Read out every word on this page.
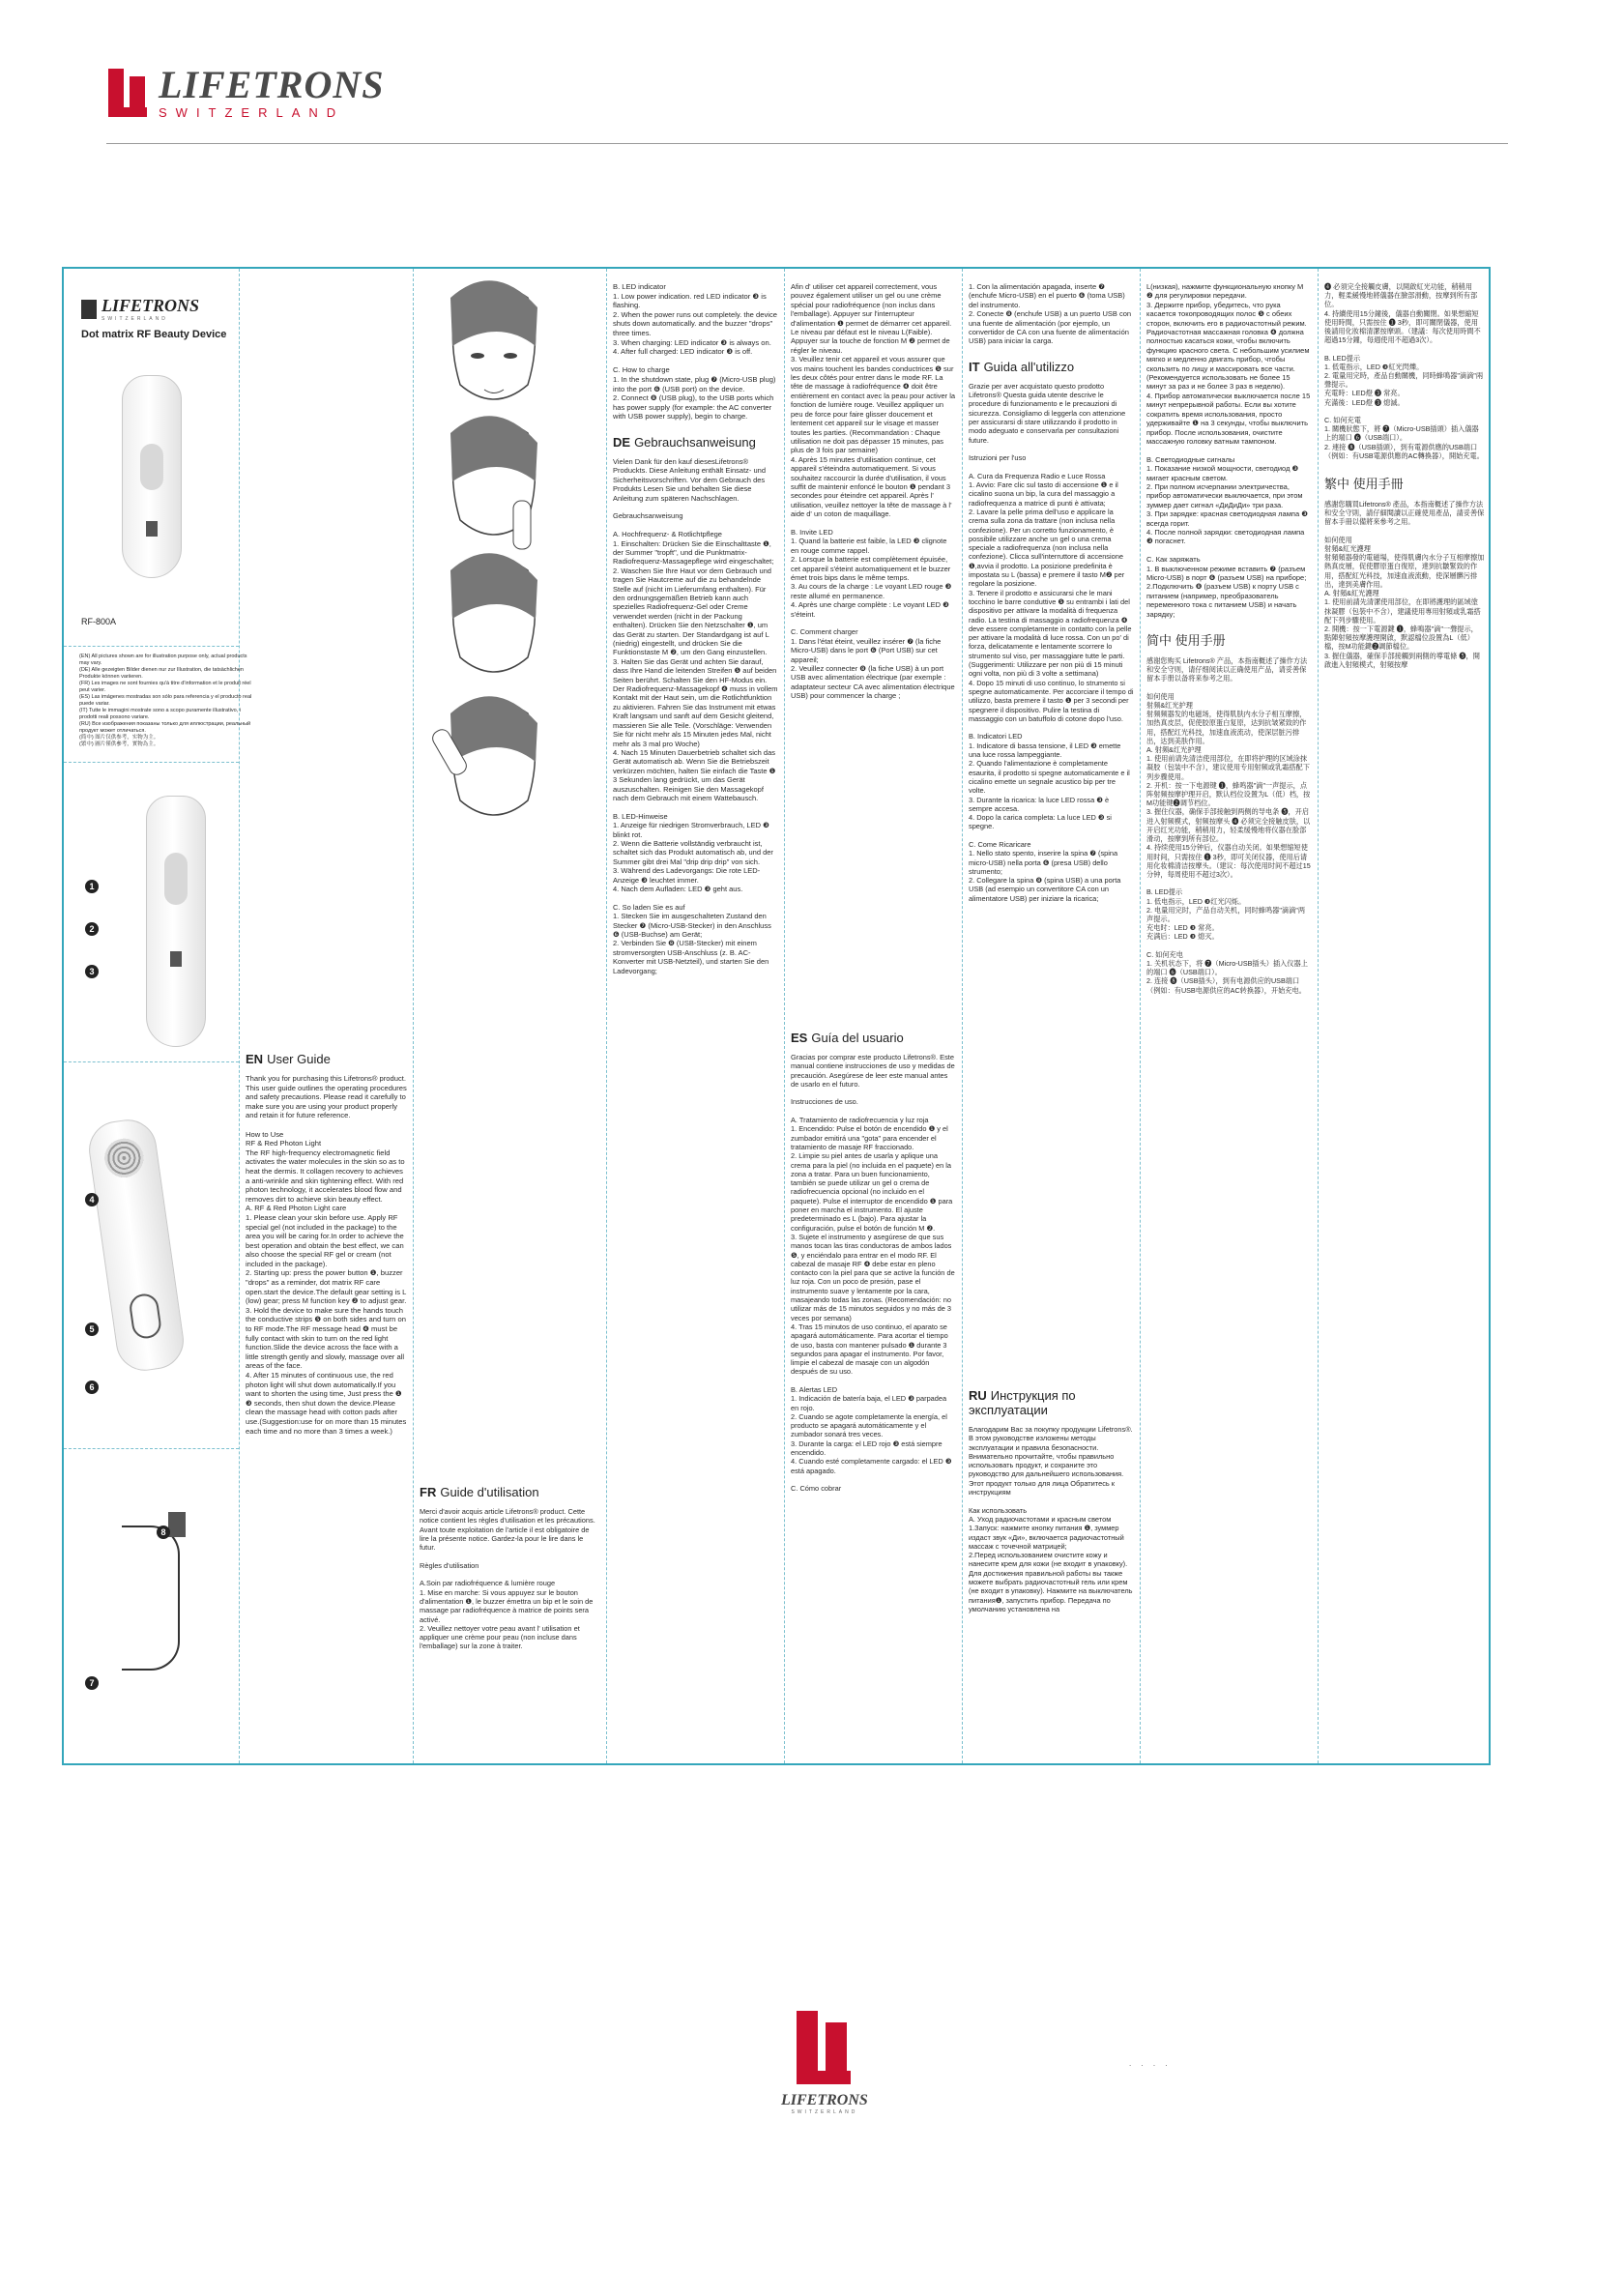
LIFETRONS
SWITZERLAND
LIFETRONS
SWITZERLAND
Dot matrix RF Beauty Device
RF-800A
(EN) All pictures shown are for illustration purpose only, actual products may vary.
(DE) Alle gezeigten Bilder dienen nur zur Illustration, die tatsächlichen Produkte können variieren.
(FR) Les images ne sont fournies qu'à titre d'information et le produit réel peut varier.
(ES) Las imágenes mostradas son sólo para referencia y el producto real puede variar.
(IT) Tutte le immagini mostrate sono a scopo puramente illustrativo, i prodotti reali possono variare.
(RU) Все изображения показаны только для иллюстрации, реальный продукт может отличаться.
(简中) 图片仅供参考，实物为主。
(繁中) 圖片僅供參考，實物為主。
1
2
3
4
5
6
8
7
EN User Guide
Thank you for purchasing this Lifetrons® product. This user guide outlines the operating procedures and safety precautions. Please read it carefully to make sure you are using your product properly and retain it for future reference.

How to Use
RF & Red Photon Light
The RF high-frequency electromagnetic field activates the water molecules in the skin so as to heat the dermis. It collagen recovery to achieves a anti-wrinkle and skin tightening effect. With red photon technology, it accelerates blood flow and removes dirt to achieve skin beauty effect.
A. RF & Red Photon Light care
1. Please clean your skin before use. Apply RF special gel (not included in the package) to the area you will be caring for.In order to achieve the best operation and obtain the best effect, we can also choose the special RF gel or cream (not included in the package).
2. Starting up: press the power button ❶, buzzer "drops" as a reminder, dot matrix RF care open.start the device.The default gear setting is L (low) gear; press M function key ❷ to adjust gear.
3. Hold the device to make sure the hands touch the conductive strips ❺ on both sides and turn on to RF mode.The RF message head ❹ must be fully contact with skin to turn on the red light function.Slide the device across the face with a little strength gently and slowly, massage over all areas of the face.
4. After 15 minutes of continuous use, the red photon light will shut down automatically.If you want to shorten the using time, Just press the ❶ ❸ seconds, then shut down the device.Please clean the massage head with cotton pads after use.(Suggestion:use for on more than 15 minutes each time and no more than 3 times a week.)
FR Guide d'utilisation
Merci d'avoir acquis article Lifetrons® product. Cette notice contient les règles d'utilisation et les précautions. Avant toute exploitation de l'article il est obligatoire de lire la présente notice. Gardez-la pour le lire dans le futur.

Règles d'utilisation

A.Soin par radiofréquence & lumière rouge
1. Mise en marche: Si vous appuyez sur le bouton d'alimentation ❶, le buzzer émettra un bip et le soin de massage par radiofréquence à matrice de points sera activé.
2. Veuillez nettoyer votre peau avant l' utilisation et appliquer une crème pour peau (non incluse dans l'emballage) sur la zone à traiter.
B. LED indicator
1. Low power indication. red LED indicator ❸ is flashing.
2. When the power runs out completely. the device shuts down automatically. and the buzzer "drops" three times.
3. When charging: LED indicator ❸ is always on.
4. After full charged: LED indicator ❸ is off.

C. How to charge
1. In the shutdown state, plug ❼ (Micro-USB plug) into the port ❻ (USB port) on the device.
2. Connect ❽ (USB plug), to the USB ports which has power supply (for example: the AC converter with USB power supply), begin to charge.
DE Gebrauchsanweisung
Vielen Dank für den kauf diesesLifetrons® Produckts. Diese Anleitung enthält Einsatz- und Sicherheitsvorschriften. Vor dem Gebrauch des Produkts Lesen Sie und behalten Sie diese Anleitung zum späteren Nachschlagen.

Gebrauchsanweisung

A. Hochfrequenz- & Rotlichtpflege
1. Einschalten: Drücken Sie die Einschalttaste ❶, der Summer "tropft", und die Punktmatrix-Radiofrequenz-Massagepflege wird eingeschaltet;
2. Waschen Sie Ihre Haut vor dem Gebrauch und tragen Sie Hautcreme auf die zu behandelnde Stelle auf (nicht im Lieferumfang enthalten). Für den ordnungsgemäßen Betrieb kann auch spezielles Radiofrequenz-Gel oder Creme verwendet werden (nicht in der Packung enthalten). Drücken Sie den Netzschalter ❶, um das Gerät zu starten. Der Standardgang ist auf L (niedrig) eingestellt, und drücken Sie die Funktionstaste M ❷, um den Gang einzustellen.
3. Halten Sie das Gerät und achten Sie darauf, dass Ihre Hand die leitenden Streifen ❺ auf beiden Seiten berührt. Schalten Sie den HF-Modus ein. Der Radiofrequenz-Massagekopf ❹ muss in vollem Kontakt mit der Haut sein, um die Rotlichtfunktion zu aktivieren. Fahren Sie das Instrument mit etwas Kraft langsam und sanft auf dem Gesicht gleitend, massieren Sie alle Teile. (Vorschläge: Verwenden Sie für nicht mehr als 15 Minuten jedes Mal, nicht mehr als 3 mal pro Woche)
4. Nach 15 Minuten Dauerbetrieb schaltet sich das Gerät automatisch ab. Wenn Sie die Betriebszeit verkürzen möchten, halten Sie einfach die Taste ❶ 3 Sekunden lang gedrückt, um das Gerät auszuschalten. Reinigen Sie den Massagekopf nach dem Gebrauch mit einem Wattebausch.

B. LED-Hinweise
1. Anzeige für niedrigen Stromverbrauch, LED ❸ blinkt rot.
2. Wenn die Batterie vollständig verbraucht ist, schaltet sich das Produkt automatisch ab, und der Summer gibt drei Mal "drip drip drip" von sich.
3. Während des Ladevorgangs: Die rote LED-Anzeige ❸ leuchtet immer.
4. Nach dem Aufladen: LED ❸ geht aus.

C. So laden Sie es auf
1. Stecken Sie im ausgeschalteten Zustand den Stecker ❼ (Micro-USB-Stecker) in den Anschluss ❻ (USB-Buchse) am Gerät;
2. Verbinden Sie ❽ (USB-Stecker) mit einem stromversorgten USB-Anschluss (z. B. AC-Konverter mit USB-Netzteil), und starten Sie den Ladevorgang;
Afin d' utiliser cet appareil correctement, vous pouvez également utiliser un gel ou une crème spécial pour radiofréquence (non inclus dans l'emballage). Appuyer sur l'interrupteur d'alimentation ❶ permet de démarrer cet appareil. Le niveau par défaut est le niveau L(Faible). Appuyer sur la touche de fonction M ❷ permet de régler le niveau.
3. Veuillez tenir cet appareil et vous assurer que vos mains touchent les bandes conductrices ❺ sur les deux côtés pour entrer dans le mode RF. La tête de massage à radiofréquence ❹ doit être entièrement en contact avec la peau pour activer la fonction de lumière rouge. Veuillez appliquer un peu de force pour faire glisser doucement et lentement cet appareil sur le visage et masser toutes les parties. (Recommandation : Chaque utilisation ne doit pas dépasser 15 minutes, pas plus de 3 fois par semaine)
4. Après 15 minutes d'utilisation continue, cet appareil s'éteindra automatiquement. Si vous souhaitez raccourcir la durée d'utilisation, il vous suffit de maintenir enfoncé le bouton ❶ pendant 3 secondes pour éteindre cet appareil. Après l' utilisation, veuillez nettoyer la tête de massage à l' aide d' un coton de maquillage.

B. Invite LED
1. Quand la batterie est faible, la LED ❸ clignote en rouge comme rappel.
2. Lorsque la batterie est complètement épuisée, cet appareil s'éteint automatiquement et le buzzer émet trois bips dans le même temps.
3. Au cours de la charge : Le voyant LED rouge ❸ reste allumé en permanence.
4. Après une charge complète : Le voyant LED ❸ s'éteint.

C. Comment charger
1. Dans l'état éteint, veuillez insérer ❼ (la fiche Micro-USB) dans le port ❻ (Port USB) sur cet appareil;
2. Veuillez connecter ❽ (la fiche USB) à un port USB avec alimentation électrique (par exemple : adaptateur secteur CA avec alimentation électrique USB) pour commencer la charge ;
ES Guía del usuario
Gracias por comprar este producto Lifetrons®. Este manual contiene instrucciones de uso y medidas de precaución. Asegúrese de leer este manual antes de usarlo en el futuro.

Instrucciones de uso.

A. Tratamiento de radiofrecuencia y luz roja
1. Encendido: Pulse el botón de encendido ❶ y el zumbador emitirá una "gota" para encender el tratamiento de masaje RF fraccionado.
2. Limpie su piel antes de usarla y aplique una crema para la piel (no incluida en el paquete) en la zona a tratar. Para un buen funcionamiento, también se puede utilizar un gel o crema de radiofrecuencia opcional (no incluido en el paquete). Pulse el interruptor de encendido ❶ para poner en marcha el instrumento. El ajuste predeterminado es L (bajo). Para ajustar la configuración, pulse el botón de función M ❷.
3. Sujete el instrumento y asegúrese de que sus manos tocan las tiras conductoras de ambos lados ❺, y enciéndalo para entrar en el modo RF. El cabezal de masaje RF ❹ debe estar en pleno contacto con la piel para que se active la función de luz roja. Con un poco de presión, pase el instrumento suave y lentamente por la cara, masajeando todas las zonas. (Recomendación: no utilizar más de 15 minutos seguidos y no más de 3 veces por semana)
4. Tras 15 minutos de uso continuo, el aparato se apagará automáticamente. Para acortar el tiempo de uso, basta con mantener pulsado ❶ durante 3 segundos para apagar el instrumento. Por favor, limpie el cabezal de masaje con un algodón después de su uso.

B. Alertas LED
1. Indicación de batería baja, el LED ❸ parpadea en rojo.
2. Cuando se agote completamente la energía, el producto se apagará automáticamente y el zumbador sonará tres veces.
3. Durante la carga: el LED rojo ❸ está siempre encendido.
4. Cuando esté completamente cargado: el LED ❸ está apagado.

C. Cómo cobrar
1. Con la alimentación apagada, inserte ❼ (enchufe Micro-USB) en el puerto ❻ (toma USB) del instrumento.
2. Conecte ❽ (enchufe USB) a un puerto USB con una fuente de alimentación (por ejemplo, un convertidor de CA con una fuente de alimentación USB) para iniciar la carga.
IT Guida all'utilizzo
Grazie per aver acquistato questo prodotto Lifetrons® Questa guida utente descrive le procedure di funzionamento e le precauzioni di sicurezza. Consigliamo di leggerla con attenzione per assicurarsi di stare utilizzando il prodotto in modo adeguato e conservarla per consultazioni future.

Istruzioni per l'uso

A. Cura da Frequenza Radio e Luce Rossa
1. Avvio: Fare clic sul tasto di accensione ❶ e il cicalino suona un bip, la cura del massaggio a radiofrequenza a matrice di punti è attivata;
2. Lavare la pelle prima dell'uso e applicare la crema sulla zona da trattare (non inclusa nella confezione). Per un corretto funzionamento, è possibile utilizzare anche un gel o una crema speciale a radiofrequenza (non inclusa nella confezione). Clicca sull'interruttore di accensione ❶,avvia il prodotto. La posizione predefinita è impostata su L (bassa) e premere il tasto M❷ per regolare la posizione.
3. Tenere il prodotto e assicurarsi che le mani tocchino le barre conduttive ❺ su entrambi i lati del dispositivo per attivare la modalità di frequenza radio. La testina di massaggio a radiofrequenza ❹ deve essere completamente in contatto con la pelle per attivare la modalità di luce rossa. Con un po' di forza, delicatamente e lentamente scorrere lo strumento sul viso, per massaggiare tutte le parti. (Suggerimenti: Utilizzare per non più di 15 minuti ogni volta, non più di 3 volte a settimana)
4. Dopo 15 minuti di uso continuo, lo strumento si spegne automaticamente. Per accorciare il tempo di utilizzo, basta premere il tasto ❶ per 3 secondi per spegnere il dispositivo. Pulire la testina di massaggio con un batuffolo di cotone dopo l'uso.

B. Indicatori LED
1. Indicatore di bassa tensione, il LED ❸ emette una luce rossa lampeggiante.
2. Quando l'alimentazione è completamente esaurita, il prodotto si spegne automaticamente e il cicalino emette un segnale acustico bip per tre volte.
3. Durante la ricarica: la luce LED rossa ❸ è sempre accesa.
4. Dopo la carica completa: La luce LED ❸ si spegne.

C. Come Ricaricare
1. Nello stato spento, inserire la spina ❼ (spina micro-USB) nella porta ❻ (presa USB) dello strumento;
2. Collegare la spina ❽ (spina USB) a una porta USB (ad esempio un convertitore CA con un alimentatore USB) per iniziare la ricarica;
RU Инструкция по эксплуатации
Благодарим Вас за покупку продукции Lifetrons®. В этом руководстве изложены методы эксплуатации и правила безопасности. Внимательно прочитайте, чтобы правильно использовать продукт, и сохраните это руководство для дальнейшего использования. Этот продукт только для лица Обратитесь к инструкциям

Как использовать
A. Уход радиочастотами и красным светом
1.Запуск: нажмите кнопку питания ❶, зуммер издаст звук «Ди», включается радиочастотный массаж с точечной матрицей;
2.Перед использованием очистите кожу и нанесите крем для кожи (не входит в упаковку). Для достижения правильной работы вы также можете выбрать радиочастотный гель или крем (не входит в упаковку). Нажмите на выключатель питания❶, запустить прибор. Передача по умолчанию установлена на
L(низкая), нажмите функциональную кнопку M ❷ для регулировки передачи.
3. Держите прибор, убедитесь, что рука касается токопроводящих полос ❺ с обеих сторон, включить его в радиочастотный режим. Радиочастотная массажная головка ❹ должна полностью касаться кожи, чтобы включить функцию красного света. С небольшим усилием мягко и медленно двигать прибор, чтобы скользить по лицу и массировать все части. (Рекомендуется использовать не более 15 минут за раз и не более 3 раз в неделю).
4. Прибор автоматически выключается после 15 минут непрерывной работы. Если вы хотите сократить время использования, просто удерживайте ❶ на 3 секунды, чтобы выключить прибор. После использования, очистите массажную головку ватным тампоном.

B. Светодиодные сигналы
1. Показание низкой мощности, светодиод ❸ мигает красным светом.
2. При полном исчерпании электричества, прибор автоматически выключается, при этом зуммер дает сигнал «ДиДиДи» три раза.
3. При зарядке: красная светодиодная лампа ❸ всегда горит.
4. После полной зарядки: светодиодная лампа ❸ погаснет.

C. Как заряжать
1. В выключенном режиме вставить ❼ (разъем Micro-USB) в порт ❻ (разъем USB) на приборе;
2.Подключить ❽ (разъем USB) к порту USB с питанием (например, преобразователь переменного тока с питанием USB) и начать зарядку;
简中 使用手册
感谢您购买 Lifetrons® 产品，本指南概述了操作方法和安全守则，请仔细阅读以正确使用产品，请妥善保留本手册以备将来参考之用。

如何使用
射频&红光护理
射频频器发的电磁场，使得肌肤内水分子相互摩擦，加热真皮层，促使胶原蛋白复原，达到抗皱紧致的作用，搭配红光科技，加速血液流动，使深层脏污排出，达到美肤作用。
A. 射频&红光护理
1. 使用前请先清洁使用部位，在即将护理的区域涂抹凝胶（包装中不含），建议使用专用射频或乳霜搭配下列步骤使用。
2. 开机：按一下电源键 ❶，蜂鸣器"滴"一声提示，点阵射频按摩护理开启，默认档位设置为L（低）档，按M功能键❷调节档位。
3. 握住仪器，确保手部接触到两侧的导电条 ❺，开启进入射频模式，射频按摩头 ❹ 必须完全接触皮肤，以开启红光功能，稍稍用力，轻柔缓慢地将仪器在脸部滑动，按摩到所有部位。
4. 持续使用15分钟后，仪器自动关闭。如果想缩短使用时间，只需按住 ❶ 3秒，即可关闭仪器，使用后请用化妆棉清洁按摩头。（建议：每次使用时间不超过15分钟，每周使用不超过3次）。

B. LED提示
1. 低电指示，LED ❸红光闪烁。
2. 电量用完时，产品自动关机，同时蜂鸣器"滴滴"两声提示。
充电时：LED ❸ 常亮。
充满后：LED ❸ 熄灭。

C. 如何充电
1. 关机状态下，将 ❼（Micro-USB插头）插入仪器上的端口 ❻（USB端口）。
2. 连接 ❽（USB插头），到有电源供应的USB端口（例如：有USB电源供应的AC转换器），开始充电。
❹ 必須完全接觸皮膚，以開啟紅光功能，稍稍用力，輕柔緩慢地將儀器在臉部滑動，按摩到所有部位。
4. 持續使用15分鐘後，儀器自動關閉。如果想縮短使用時間，只需按住 ❶ 3秒，即可關閉儀器，使用後請用化妝棉清潔按摩頭。（建議：每次使用時間不超過15分鐘，每週使用不超過3次）。

B. LED提示
1. 低電指示，LED ❸紅光閃爍。
2. 電量用完時，產品自動關機，同時蜂鳴器"滴滴"兩聲提示。
充電時：LED燈 ❸ 常亮。
充滿後：LED燈 ❸ 熄滅。

C. 如何充電
1. 關機狀態下，將 ❼（Micro-USB插頭）插入儀器上的端口 ❻（USB端口）。
2. 連接 ❽（USB插頭），到有電源供應的USB端口（例如：有USB電源供應的AC轉換器），開始充電。
繁中 使用手冊
感謝您購買Lifetrons® 產品，本指南概述了操作方法和安全守則，請仔細閱讀以正確使用產品，請妥善保留本手冊以備將來參考之用。

如何使用
射頻&紅光護理
射頻頻器發的電磁場，使得肌膚內水分子互相摩擦加熱真皮層，促使膠原蛋白復原，達到抗皺緊致的作用，搭配紅光科技，加速血液流動，使深層髒污排出，達到美膚作用。
A. 射頻&紅光護理
1. 使用前請先清潔使用部位，在即將護理的區域塗抹凝膠（包裝中不含），建議使用專用射頻或乳霜搭配下列步驟使用。
2. 開機：按一下電源鍵 ❶，蜂鳴器"滴"一聲提示，點陣射頻按摩護理開啟，默認檔位設置為L（低）檔，按M功能鍵❷調節檔位。
3. 握住儀器，確保手部接觸到兩側的導電條 ❺，開啟進入射頻模式，射頻按摩
LIFETRONS
SWITZERLAND
. . . .
